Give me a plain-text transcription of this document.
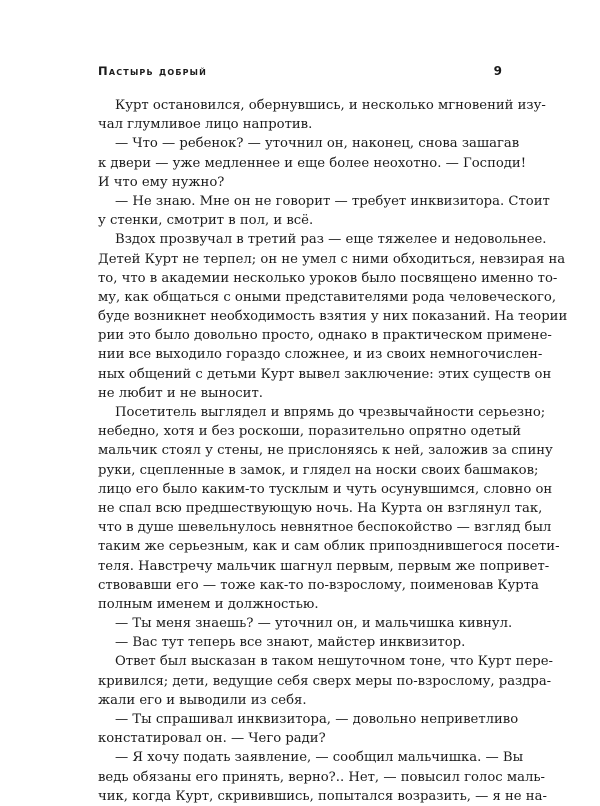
Пастырь добрый	9
Курт остановился, обернувшись, и несколько мгновений изу-
чал глумливое лицо напротив.
— Что — ребенок? — уточнил он, наконец, снова зашагав
к двери — уже медленнее и еще более неохотно. — Господи!
И что ему нужно?
— Не знаю. Мне он не говорит — требует инквизитора. Стоит
у стенки, смотрит в пол, и всё.
Вздох прозвучал в третий раз — еще тяжелее и недовольнее.
Детей Курт не терпел; он не умел с ними обходиться, невзирая на
то, что в академии несколько уроков было посвящено именно то-
му, как общаться с оными представителями рода человеческого,
буде возникнет необходимость взятия у них показаний. На теории
рии это было довольно просто, однако в практическом примене-
нии все выходило гораздо сложнее, и из своих немногочислен-
ных общений с детьми Курт вывел заключение: этих существ он
не любит и не выносит.
Посетитель выглядел и впрямь до чрезвычайности серьезно;
небедно, хотя и без роскоши, поразительно опрятно одетый
мальчик стоял у стены, не прислоняясь к ней, заложив за спину
руки, сцепленные в замок, и глядел на носки своих башмаков;
лицо его было каким-то тусклым и чуть осунувшимся, словно он
не спал всю предшествующую ночь. На Курта он взглянул так,
что в душе шевельнулось невнятное беспокойство — взгляд был
таким же серьезным, как и сам облик припозднившегося посети-
теля. Навстречу мальчик шагнул первым, первым же попривет-
ствовавши его — тоже как-то по-взрослому, поименовав Курта
полным именем и должностью.
— Ты меня знаешь? — уточнил он, и мальчишка кивнул.
— Вас тут теперь все знают, майстер инквизитор.
Ответ был высказан в таком нешуточном тоне, что Курт пере-
кривился; дети, ведущие себя сверх меры по-взрослому, раздра-
жали его и выводили из себя.
— Ты спрашивал инквизитора, — довольно неприветливо
констатировал он. — Чего ради?
— Я хочу подать заявление, — сообщил мальчишка. — Вы
ведь обязаны его принять, верно?.. Нет, — повысил голос маль-
чик, когда Курт, скривившись, попытался возразить, — я не на-
